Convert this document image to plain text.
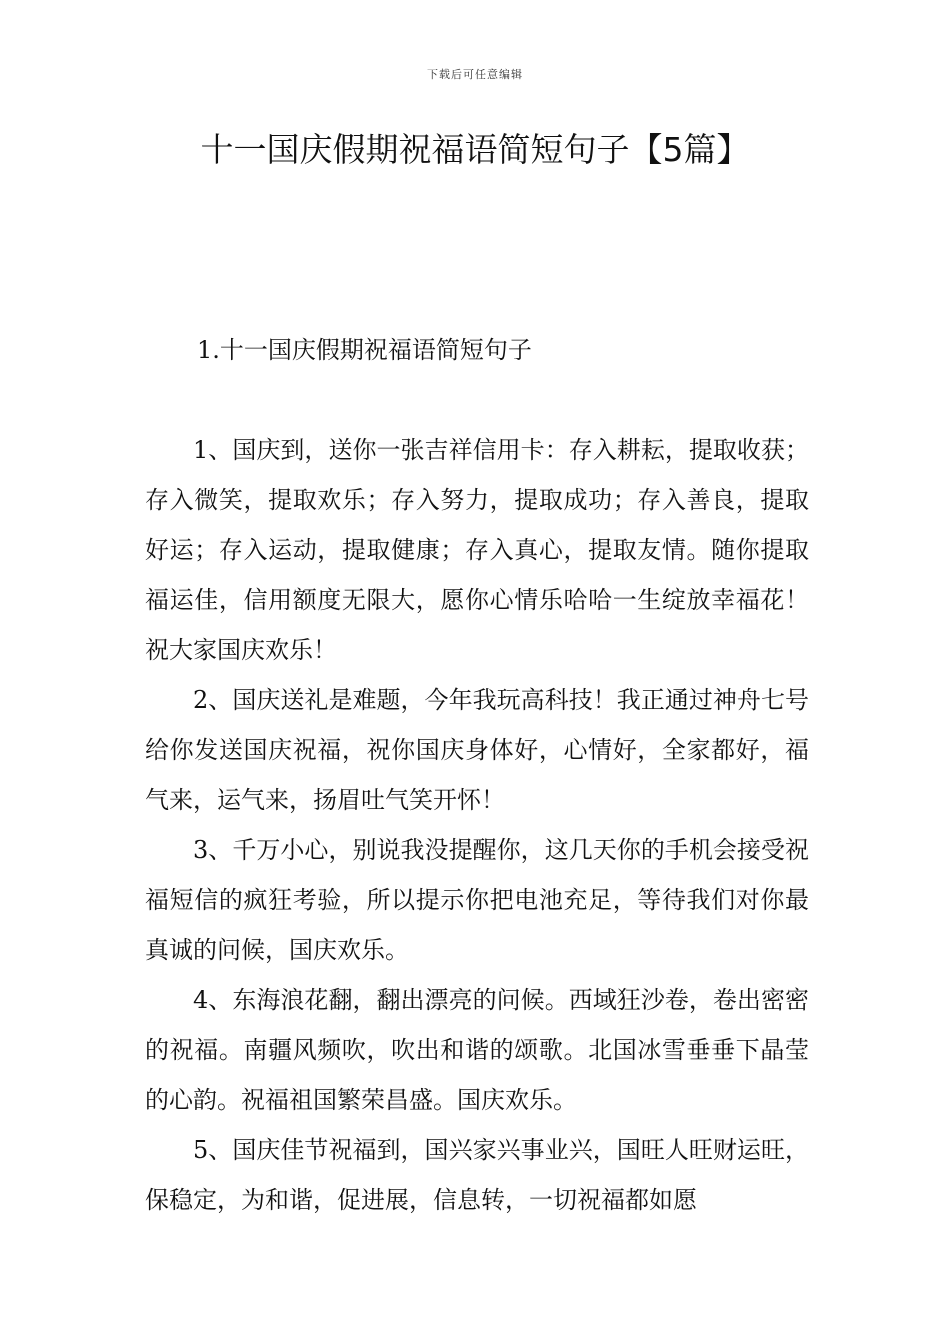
下载后可任意编辑
十一国庆假期祝福语简短句子【5篇】
1.十一国庆假期祝福语简短句子

1、国庆到，送你一张吉祥信用卡：存入耕耘，提取收获；存入微笑，提取欢乐；存入努力，提取成功；存入善良，提取好运；存入运动，提取健康；存入真心，提取友情。随你提取福运佳，信用额度无限大，愿你心情乐哈哈一生绽放幸福花！祝大家国庆欢乐！

2、国庆送礼是难题，今年我玩高科技！我正通过神舟七号给你发送国庆祝福，祝你国庆身体好，心情好，全家都好，福气来，运气来，扬眉吐气笑开怀！

3、千万小心，别说我没提醒你，这几天你的手机会接受祝福短信的疯狂考验，所以提示你把电池充足，等待我们对你最真诚的问候，国庆欢乐。

4、东海浪花翻，翻出漂亮的问候。西域狂沙卷，卷出密密的祝福。南疆风频吹，吹出和谐的颂歌。北国冰雪垂垂下晶莹的心韵。祝福祖国繁荣昌盛。国庆欢乐。

5、国庆佳节祝福到，国兴家兴事业兴，国旺人旺财运旺，保稳定，为和谐，促进展，信息转，一切祝福都如愿
